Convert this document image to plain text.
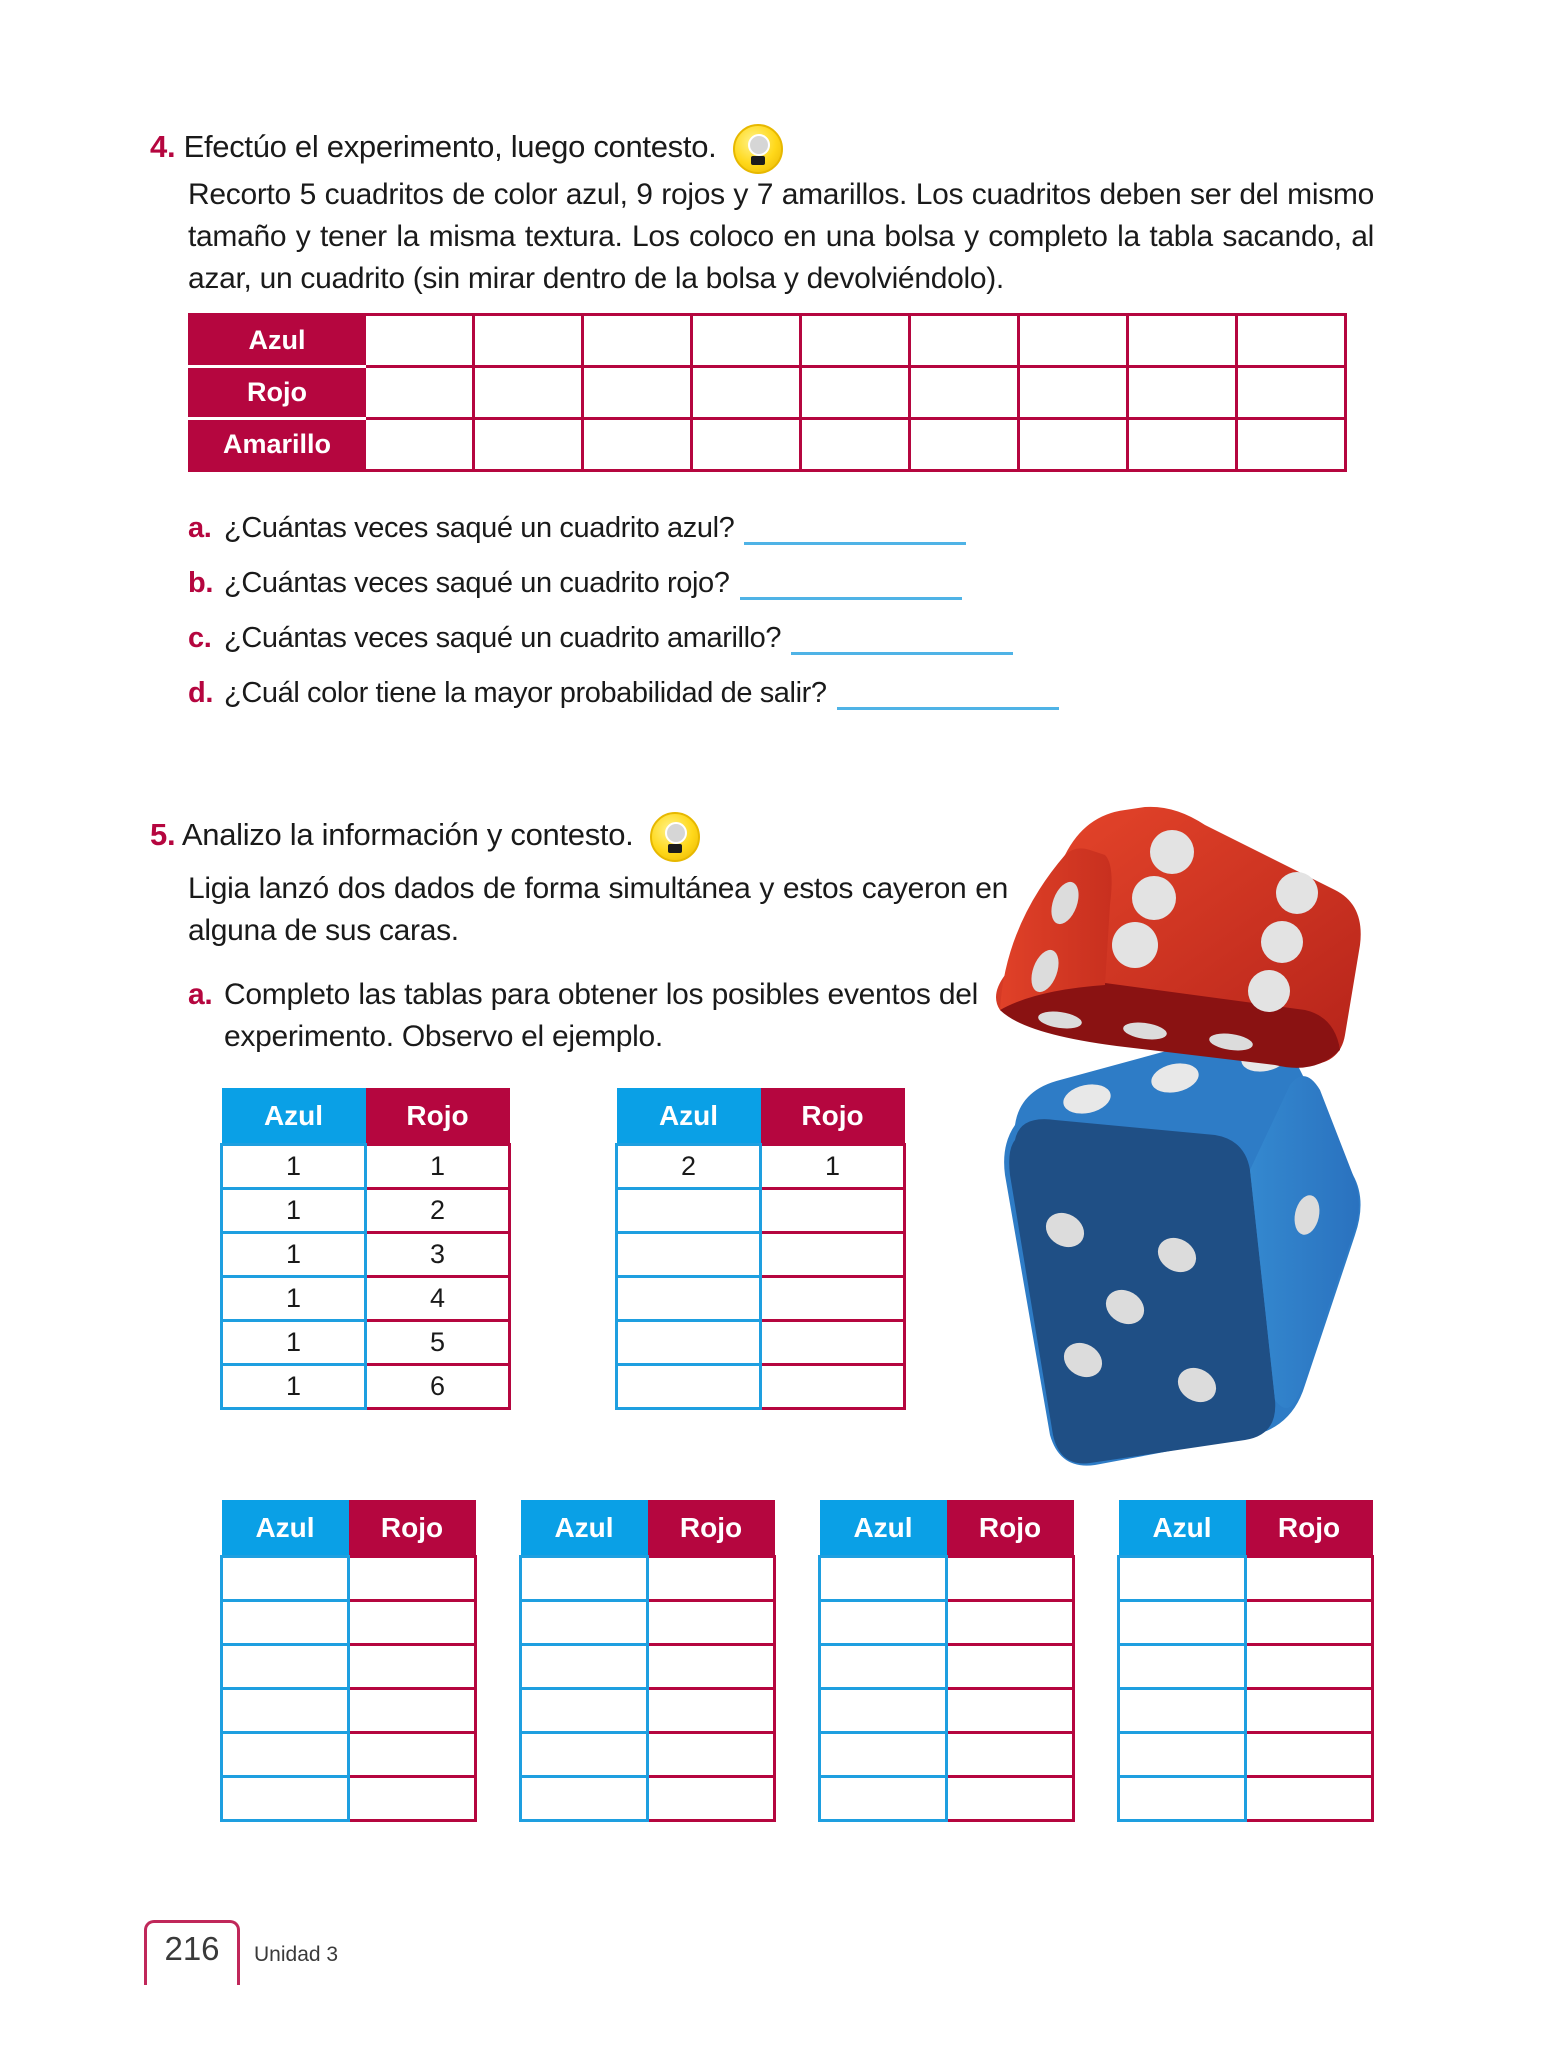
4. Efectúo el experimento, luego contesto.
Recorto 5 cuadritos de color azul, 9 rojos y 7 amarillos. Los cuadritos deben ser del mismo tamaño y tener la misma textura. Los coloco en una bolsa y completo la tabla sacando, al azar, un cuadrito (sin mirar dentro de la bolsa y devolviéndolo).
Azul									
Rojo									
Amarillo									
a. ¿Cuántas veces saqué un cuadrito azul?
b. ¿Cuántas veces saqué un cuadrito rojo?
c. ¿Cuántas veces saqué un cuadrito amarillo?
d. ¿Cuál color tiene la mayor probabilidad de salir?
5. Analizo la información y contesto.
Ligia lanzó dos dados de forma simultánea y estos cayeron en alguna de sus caras.
a. Completo las tablas para obtener los posibles eventos del experimento. Observo el ejemplo.
Azul	Rojo
1	1
1	2
1	3
1	4
1	5
1	6
Azul	Rojo
2	1

Azul	Rojo

		Azul	Rojo

		Azul	Rojo

		Azul	Rojo

216	Unidad 3
